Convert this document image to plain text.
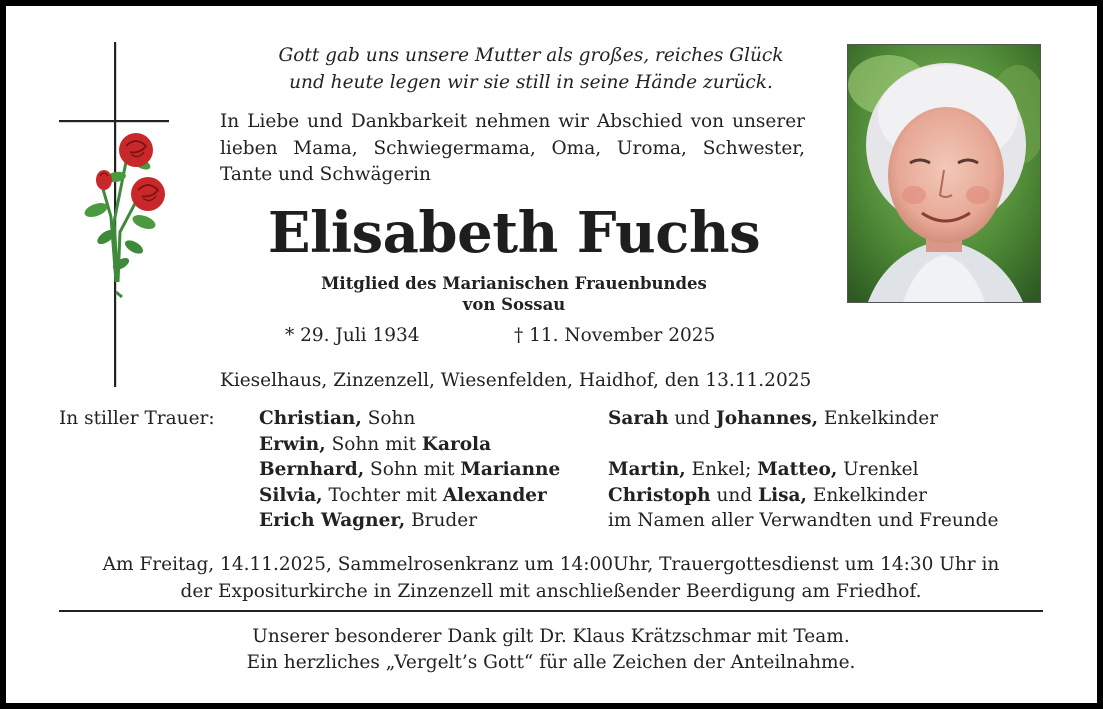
Gott gab uns unsere Mutter als großes, reiches Glück
und heute legen wir sie still in seine Hände zurück.
In Liebe und Dankbarkeit nehmen wir Abschied von unserer lieben Mama, Schwiegermama, Oma, Uroma, Schwester, Tante und Schwägerin
Elisabeth Fuchs
Mitglied des Marianischen Frauenbundes
von Sossau
* 29. Juli 1934	† 11. November 2025
Kieselhaus, Zinzenzell, Wiesenfelden, Haidhof, den 13.11.2025
In stiller Trauer: Christian, Sohn
Erwin, Sohn mit Karola
Bernhard, Sohn mit Marianne
Silvia, Tochter mit Alexander
Erich Wagner, Bruder
Sarah und Johannes, Enkelkinder
Martin, Enkel; Matteo, Urenkel
Christoph und Lisa, Enkelkinder
im Namen aller Verwandten und Freunde
Am Freitag, 14.11.2025, Sammelrosenkranz um 14:00Uhr, Trauergottesdienst um 14:30 Uhr in
der Expositurkirche in Zinzenzell mit anschließender Beerdigung am Friedhof.
Unserer besonderer Dank gilt Dr. Klaus Krätzschmar mit Team.
Ein herzliches „Vergelt’s Gott“ für alle Zeichen der Anteilnahme.
